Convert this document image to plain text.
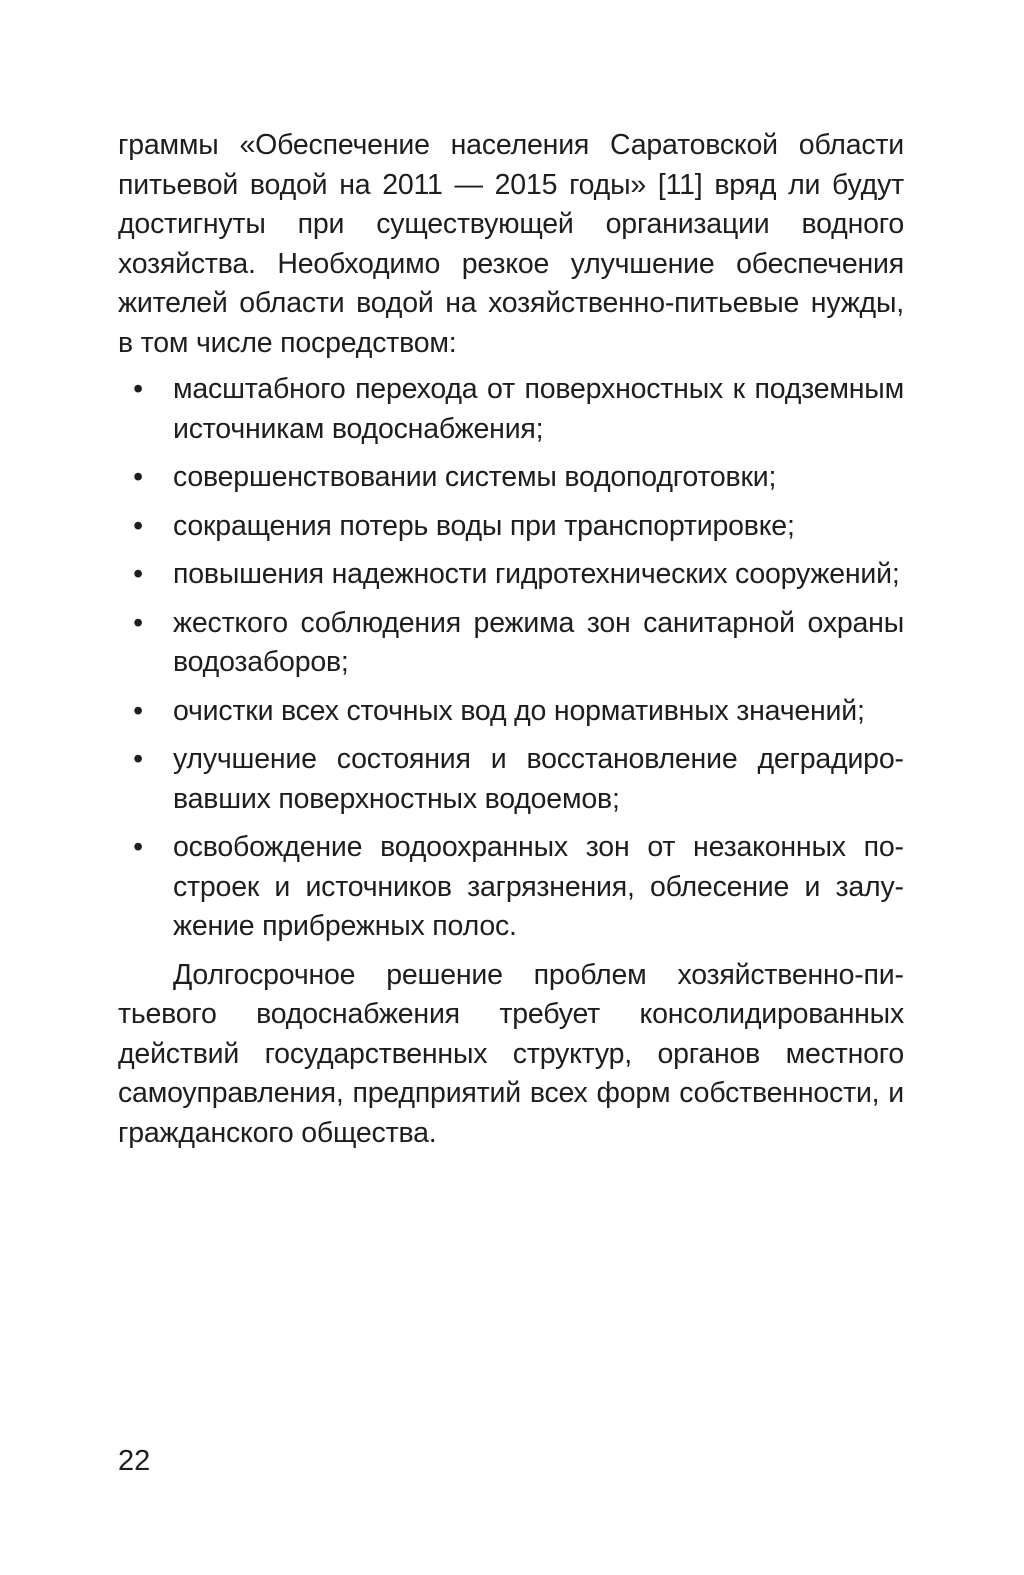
граммы «Обеспечение населения Саратовской области питьевой водой на 2011 — 2015 годы» [11] вряд ли будут достигнуты при существующей организации водного хозяйства. Необходимо резкое улучшение обеспечения жителей области водой на хозяйственно-питьевые нужды, в том числе посредством:

• масштабного перехода от поверхностных к подземным источникам водоснабжения;
• совершенствовании системы водоподготовки;
• сокращения потерь воды при транспортировке;
• повышения надежности гидротехнических сооружений;
• жесткого соблюдения режима зон санитарной охраны водозаборов;
• очистки всех сточных вод до нормативных значений;
• улучшение состояния и восстановление деградировавших поверхностных водоемов;
• освобождение водоохранных зон от незаконных построек и источников загрязнения, облесение и залужение прибрежных полос.

Долгосрочное решение проблем хозяйственно-питьевого водоснабжения требует консолидированных действий государственных структур, органов местного самоуправления, предприятий всех форм собственности, и гражданского общества.

22
